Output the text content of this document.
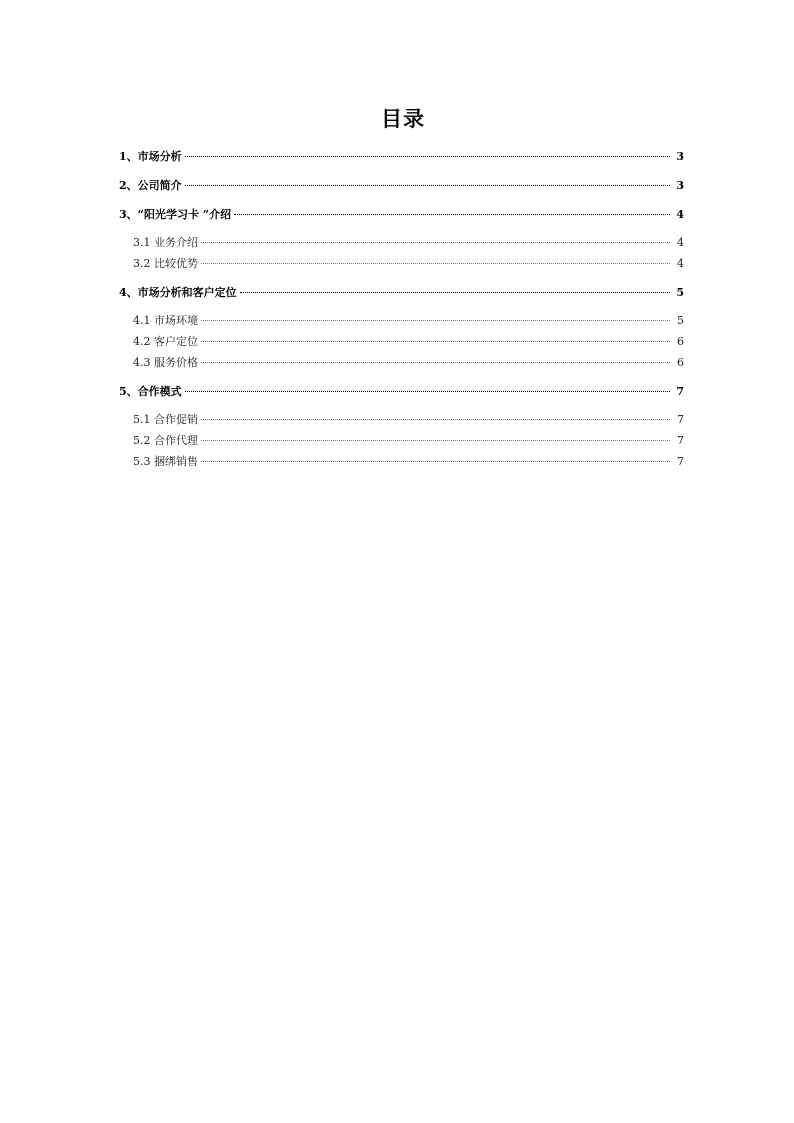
目录
1、市场分析	3
2、公司简介	3
3、“阳光学习卡 ”介绍	4
3.1 业务介绍	4
3.2 比较优势	4
4、市场分析和客户定位	5
4.1 市场环境	5
4.2 客户定位	6
4.3 服务价格	6
5、合作模式	7
5.1 合作促销	7
5.2 合作代理	7
5.3 捆绑销售	7
